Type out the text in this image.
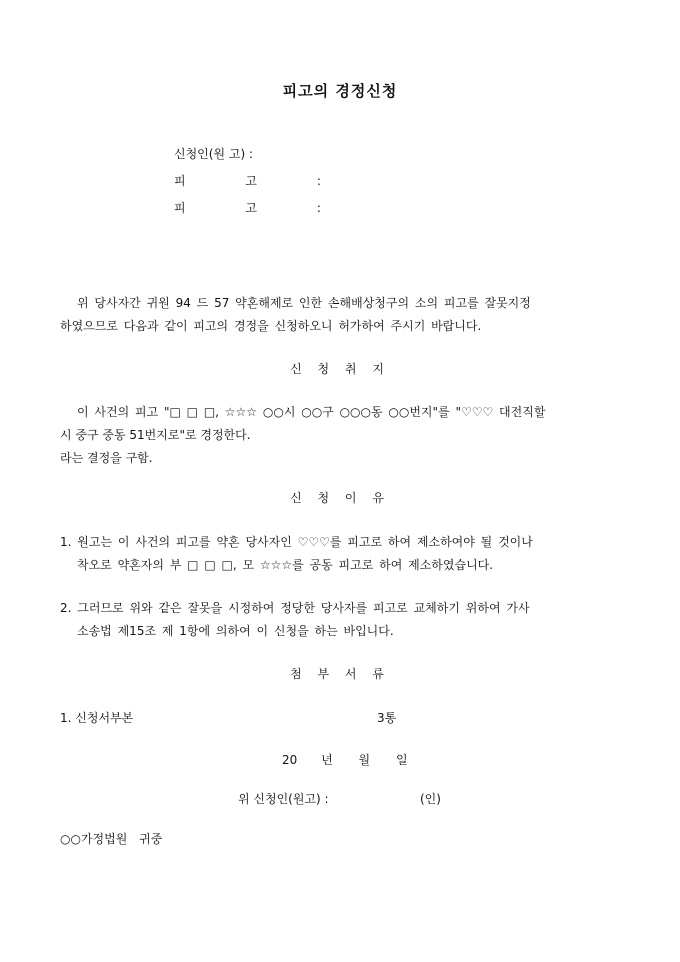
피고의 경정신청
신청인(원 고) :
피 고 :
피 고 :
위 당사자간 귀원 94 드 57 약혼해제로 인한 손해배상청구의 소의 피고를 잘못지정
하였으므로 다음과 같이 피고의 경정을 신청하오니 허가하여 주시기 바랍니다.
신 청 취 지
이 사건의 피고 "□ □ □, ☆☆☆ ○○시 ○○구 ○○○동 ○○번지"를 "♡♡♡ 대전직할
시 중구 중동 51번지로"로 경정한다.
라는 결정을 구함.
신 청 이 유
1. 원고는 이 사건의 피고를 약혼 당사자인 ♡♡♡를 피고로 하여 제소하여야 될 것이나
착오로 약혼자의 부 □ □ □, 모 ☆☆☆를 공동 피고로 하여 제소하였습니다.
2. 그러므로 위와 같은 잘못을 시정하여 정당한 당사자를 피고로 교체하기 위하여 가사
소송법 제15조 제 1항에 의하여 이 신청을 하는 바입니다.
첨 부 서 류
1. 신청서부본	3통
20 년 월 일
위 신청인(원고) :	(인)
○○가정법원 귀중
